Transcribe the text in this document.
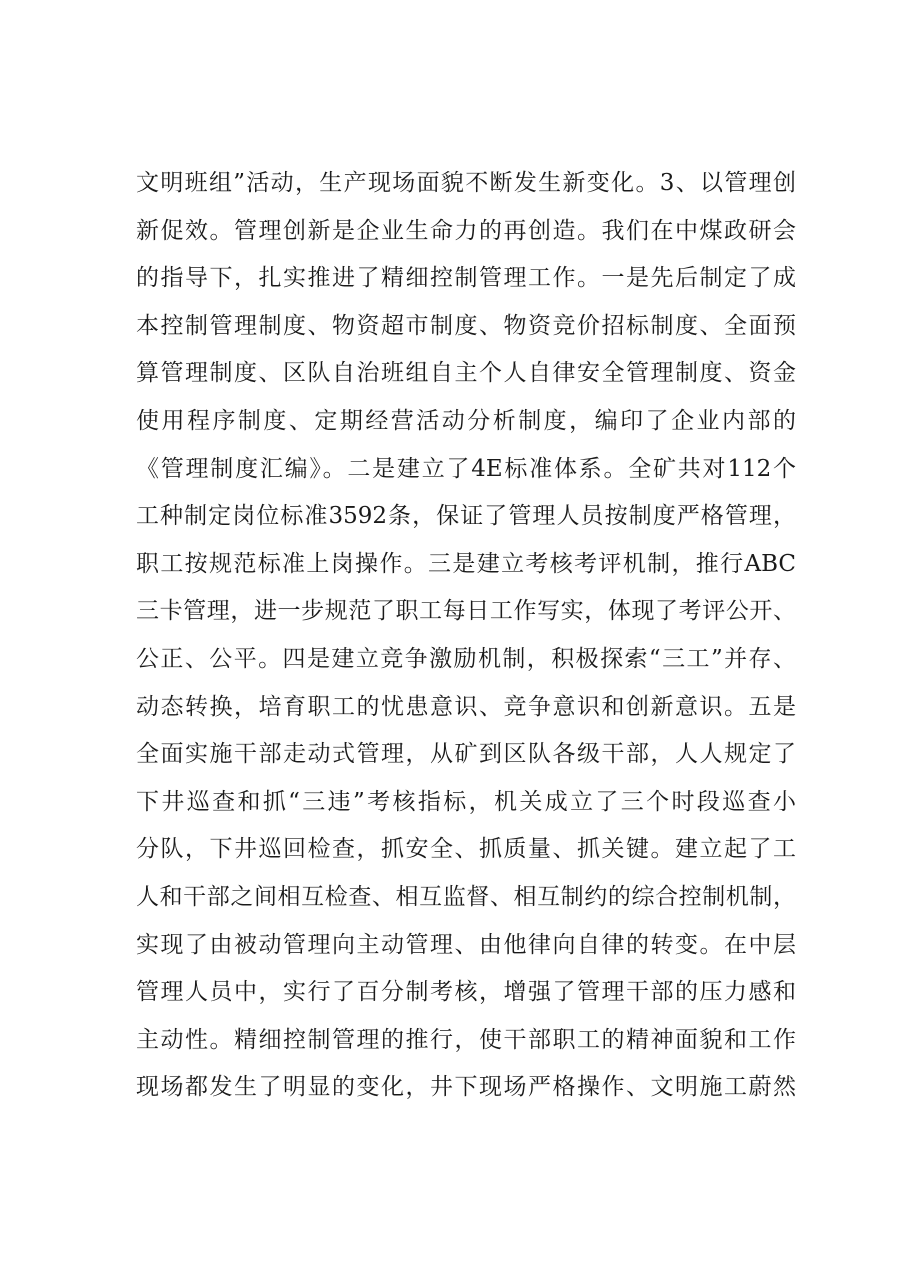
文明班组”活动，生产现场面貌不断发生新变化。3、以管理创
新促效。管理创新是企业生命力的再创造。我们在中煤政研会
的指导下，扎实推进了精细控制管理工作。一是先后制定了成
本控制管理制度、物资超市制度、物资竞价招标制度、全面预
算管理制度、区队自治班组自主个人自律安全管理制度、资金
使用程序制度、定期经营活动分析制度，编印了企业内部的
《管理制度汇编》。二是建立了4E标准体系。全矿共对112个
工种制定岗位标准3592条，保证了管理人员按制度严格管理，
职工按规范标准上岗操作。三是建立考核考评机制，推行ABC
三卡管理，进一步规范了职工每日工作写实，体现了考评公开、
公正、公平。四是建立竞争激励机制，积极探索“三工”并存、
动态转换，培育职工的忧患意识、竞争意识和创新意识。五是
全面实施干部走动式管理，从矿到区队各级干部，人人规定了
下井巡查和抓“三违”考核指标，机关成立了三个时段巡查小
分队，下井巡回检查，抓安全、抓质量、抓关键。建立起了工
人和干部之间相互检查、相互监督、相互制约的综合控制机制，
实现了由被动管理向主动管理、由他律向自律的转变。在中层
管理人员中，实行了百分制考核，增强了管理干部的压力感和
主动性。精细控制管理的推行，使干部职工的精神面貌和工作
现场都发生了明显的变化，井下现场严格操作、文明施工蔚然
